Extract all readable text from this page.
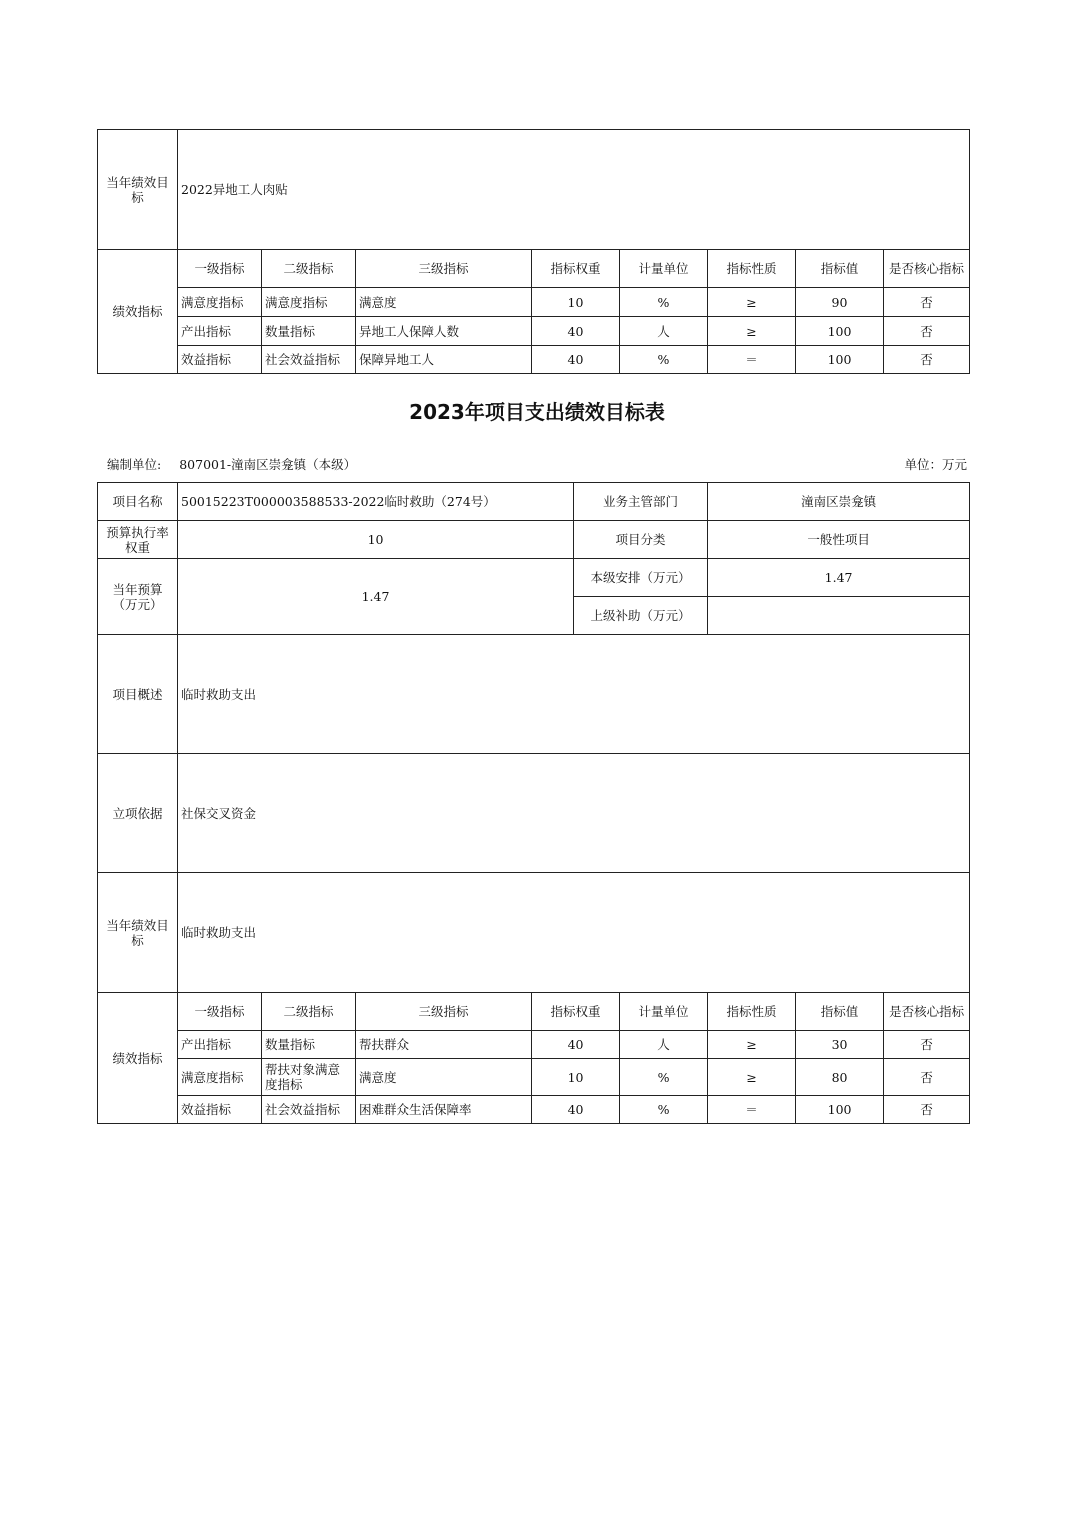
当年绩效目标	2022异地工人肉贴							
绩效指标	一级指标	二级指标	三级指标	指标权重	计量单位	指标性质	指标值	是否核心指标
	满意度指标	满意度指标	满意度	10	%	≥	90	否
	产出指标	数量指标	异地工人保障人数	40	人	≥	100	否
	效益指标	社会效益指标	保障异地工人	40	%	＝	100	否
2023年项目支出绩效目标表
编制单位: 807001-潼南区崇龛镇（本级）	单位：万元
项目名称	50015223T000003588533-2022临时救助（274号）				业务主管部门		潼南区崇龛镇		
预算执行率权重	10				项目分类		一般性项目		
当年预算（万元）	1.47				本级安排（万元）		1.47		
					上级补助（万元）				
项目概述	临时救助支出								
立项依据	社保交叉资金								
当年绩效目标	临时救助支出								
绩效指标	一级指标	二级指标	三级指标	指标权重		计量单位	指标性质	指标值	是否核心指标
	产出指标	数量指标	帮扶群众	40		人	≥	30	否
	满意度指标	帮扶对象满意度指标	满意度	10		%	≥	80	否
	效益指标	社会效益指标	困难群众生活保障率	40		%	＝	100	否
